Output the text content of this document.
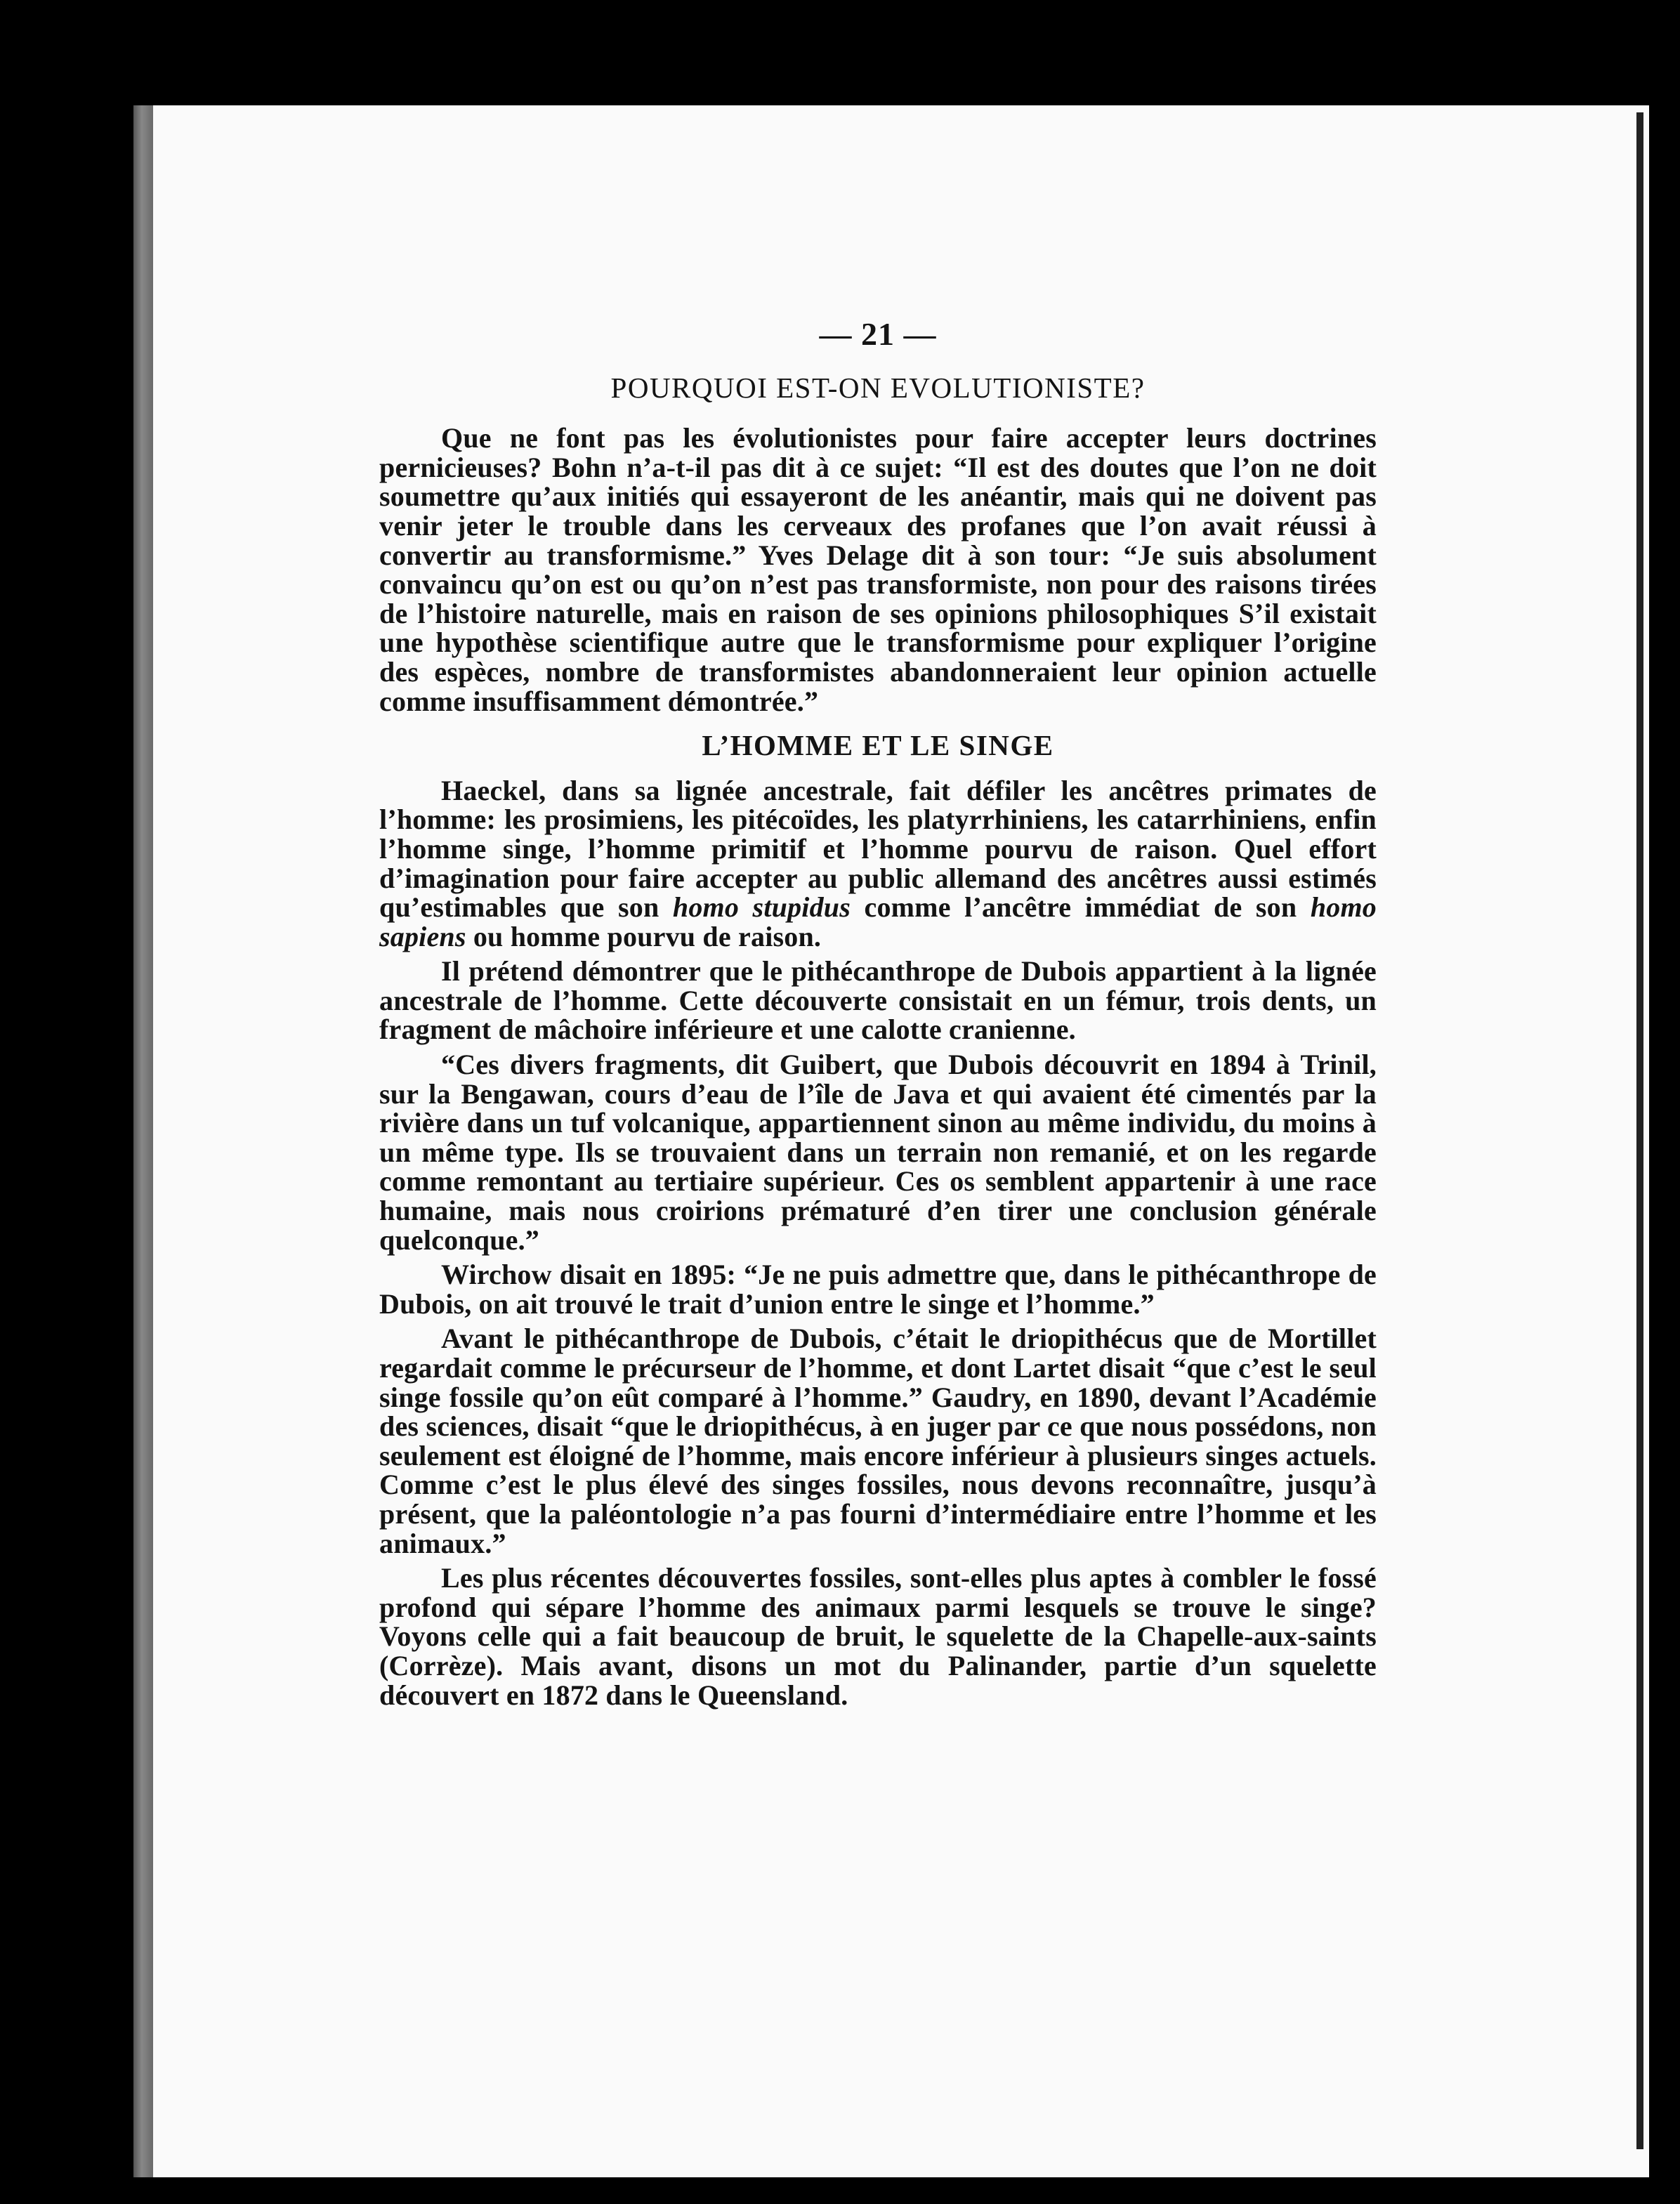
— 21 —
POURQUOI EST-ON EVOLUTIONISTE?

Que ne font pas les évolutionistes pour faire accepter leurs doctrines pernicieuses? Bohn n’a-t-il pas dit à ce sujet: “Il est des doutes que l’on ne doit soumettre qu’aux initiés qui essayeront de les anéantir, mais qui ne doivent pas venir jeter le trouble dans les cerveaux des profanes que l’on avait réussi à convertir au transformisme.” Yves Delage dit à son tour: “Je suis absolument convaincu qu’on est ou qu’on n’est pas transformiste, non pour des raisons tirées de l’histoire naturelle, mais en raison de ses opinions philosophiques S’il existait une hypothèse scientifique autre que le transformisme pour expliquer l’origine des espèces, nombre de transformistes abandonneraient leur opinion actuelle comme insuffisamment démontrée.”

L’HOMME ET LE SINGE

Haeckel, dans sa lignée ancestrale, fait défiler les ancêtres primates de l’homme: les prosimiens, les pitécoïdes, les platyrrhiniens, les catarrhiniens, enfin l’homme singe, l’homme primitif et l’homme pourvu de raison. Quel effort d’imagination pour faire accepter au public allemand des ancêtres aussi estimés qu’estimables que son homo stupidus comme l’ancêtre immédiat de son homo sapiens ou homme pourvu de raison.

Il prétend démontrer que le pithécanthrope de Dubois appartient à la lignée ancestrale de l’homme. Cette découverte consistait en un fémur, trois dents, un fragment de mâchoire inférieure et une calotte cranienne.

“Ces divers fragments, dit Guibert, que Dubois découvrit en 1894 à Trinil, sur la Bengawan, cours d’eau de l’île de Java et qui avaient été cimentés par la rivière dans un tuf volcanique, appartiennent sinon au même individu, du moins à un même type. Ils se trouvaient dans un terrain non remanié, et on les regarde comme remontant au tertiaire supérieur. Ces os semblent appartenir à une race humaine, mais nous croirions prématuré d’en tirer une conclusion générale quelconque.”

Wirchow disait en 1895: “Je ne puis admettre que, dans le pithécanthrope de Dubois, on ait trouvé le trait d’union entre le singe et l’homme.”

Avant le pithécanthrope de Dubois, c’était le driopithécus que de Mortillet regardait comme le précurseur de l’homme, et dont Lartet disait “que c’est le seul singe fossile qu’on eût comparé à l’homme.” Gaudry, en 1890, devant l’Académie des sciences, disait “que le driopithécus, à en juger par ce que nous possédons, non seulement est éloigné de l’homme, mais encore inférieur à plusieurs singes actuels. Comme c’est le plus élevé des singes fossiles, nous devons reconnaître, jusqu’à présent, que la paléontologie n’a pas fourni d’intermédiaire entre l’homme et les animaux.”

Les plus récentes découvertes fossiles, sont-elles plus aptes à combler le fossé profond qui sépare l’homme des animaux parmi lesquels se trouve le singe? Voyons celle qui a fait beaucoup de bruit, le squelette de la Chapelle-aux-saints (Corrèze). Mais avant, disons un mot du Palinander, partie d’un squelette découvert en 1872 dans le Queensland.
